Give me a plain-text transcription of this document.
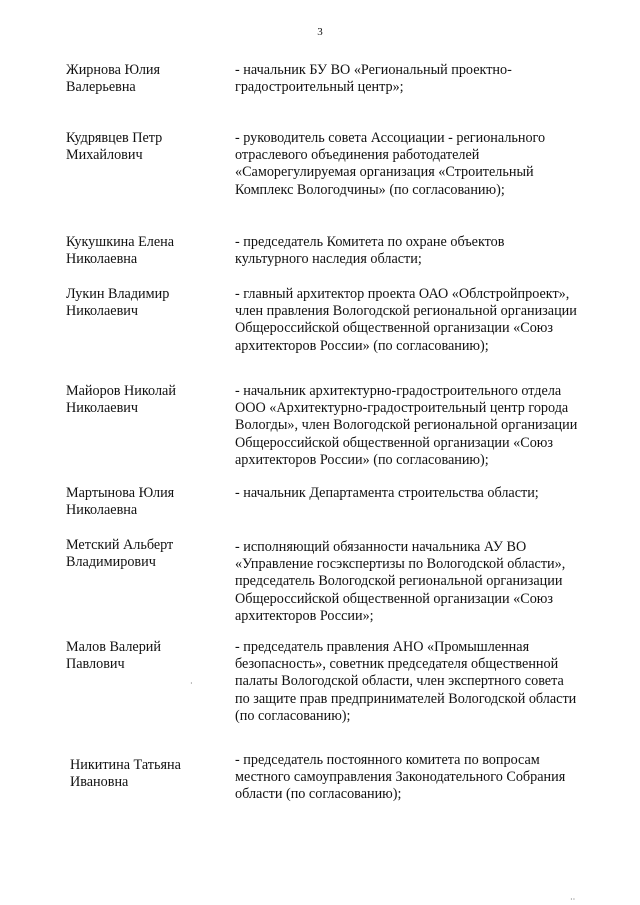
3
Жирнова Юлия
Валерьевна
- начальник БУ ВО «Региональный проектно-
градостроительный центр»;
Кудрявцев Петр
Михайлович
- руководитель совета Ассоциации - регионального
отраслевого объединения работодателей
«Саморегулируемая организация «Строительный
Комплекс Вологодчины» (по согласованию);
Кукушкина Елена
Николаевна
- председатель Комитета по охране объектов
культурного наследия области;
Лукин Владимир
Николаевич
- главный архитектор проекта ОАО «Облстройпроект»,
член правления Вологодской региональной организации
Общероссийской общественной организации «Союз
архитекторов России» (по согласованию);
Майоров Николай
Николаевич
- начальник архитектурно-градостроительного отдела
ООО «Архитектурно-градостроительный центр города
Вологды», член Вологодской региональной организации
Общероссийской общественной организации «Союз
архитекторов России» (по согласованию);
Мартынова Юлия
Николаевна
- начальник Департамента строительства области;
Метский Альберт
Владимирович
- исполняющий обязанности начальника АУ ВО
«Управление госэкспертизы по Вологодской области»,
председатель Вологодской региональной организации
Общероссийской общественной организации «Союз
архитекторов России»;
Малов Валерий
Павлович
- председатель правления АНО «Промышленная
безопасность», советник председателя общественной
палаты Вологодской области, член экспертного совета
по защите прав предпринимателей Вологодской области
(по согласованию);
Никитина Татьяна
Ивановна
- председатель постоянного комитета по вопросам
местного самоуправления Законодательного Собрания
области (по согласованию);
·
··
